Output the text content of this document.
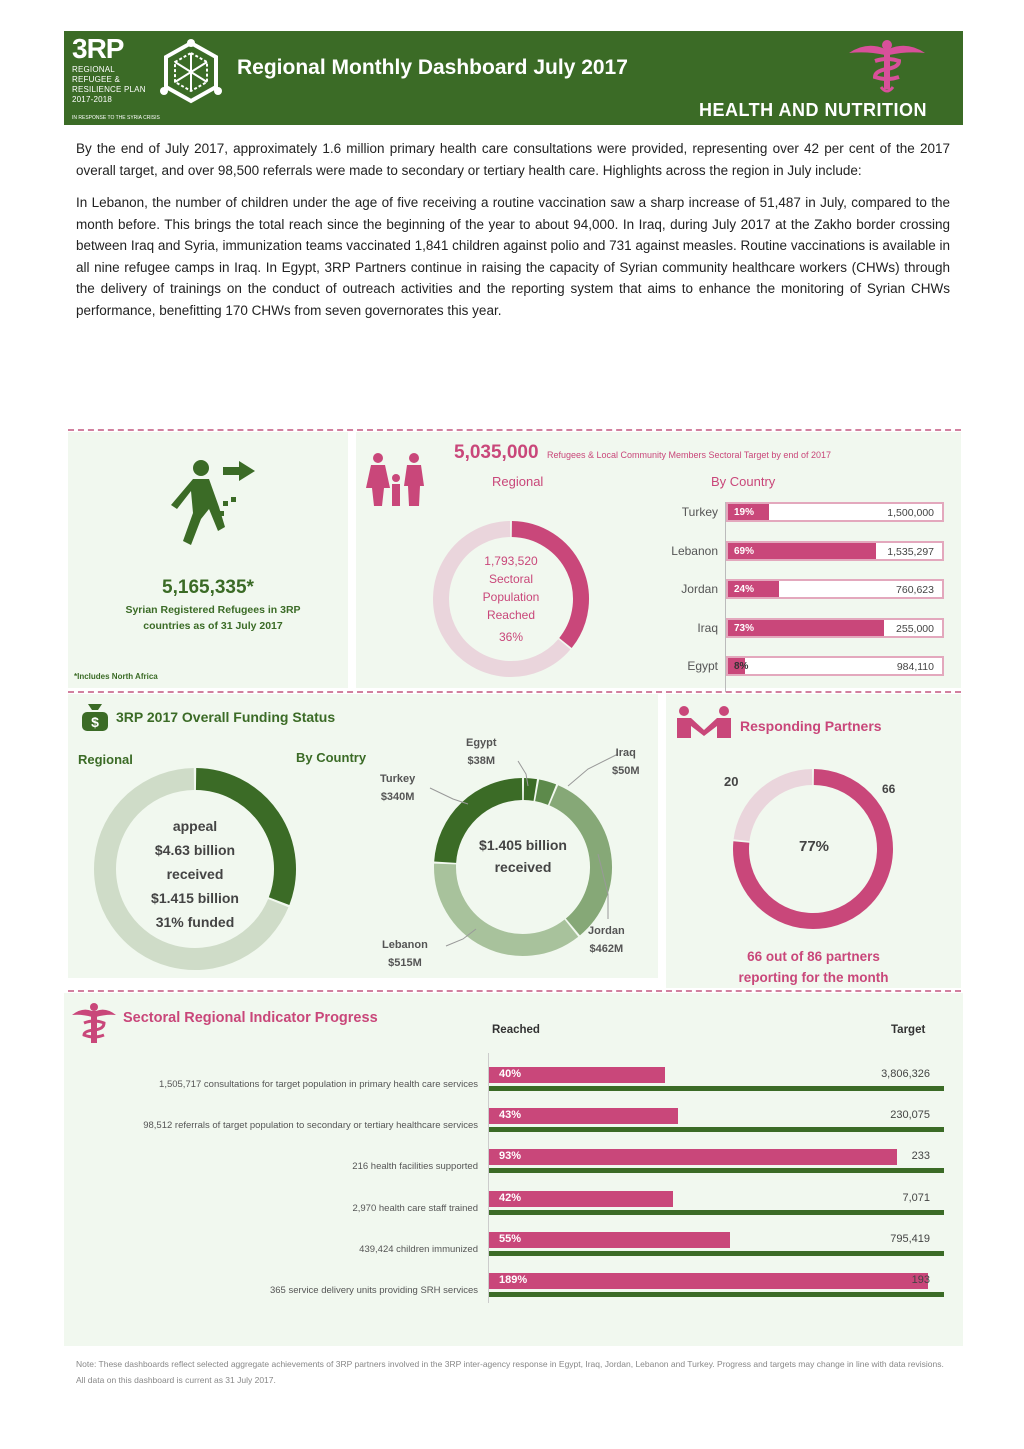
3RP
REGIONAL REFUGEE & RESILIENCE PLAN 2017-2018
IN RESPONSE TO THE SYRIA CRISIS
Regional Monthly Dashboard July 2017
HEALTH AND NUTRITION

By the end of July 2017, approximately 1.6 million primary health care consultations were provided, representing over 42 per cent of the 2017 overall target, and over 98,500 referrals were made to secondary or tertiary health care. Highlights across the region in July include:

In Lebanon, the number of children under the age of five receiving a routine vaccination saw a sharp increase of 51,487 in July, compared to the month before. This brings the total reach since the beginning of the year to about 94,000. In Iraq, during July 2017 at the Zakho border crossing between Iraq and Syria, immunization teams vaccinated 1,841 children against polio and 731 against measles. Routine vaccinations is available in all nine refugee camps in Iraq. In Egypt, 3RP Partners continue in raising the capacity of Syrian community healthcare workers (CHWs) through the delivery of trainings on the conduct of outreach activities and the reporting system that aims to enhance the monitoring of Syrian CHWs performance, benefitting 170 CHWs from seven governorates this year.

5,165,335*
Syrian Registered Refugees in 3RP countries as of 31 July 2017
*Includes North Africa
5,035,000 Refugees & Local Community Members Sectoral Target by end of 2017
Regional	By Country
1,793,520
Sectoral
Population
Reached
36%
Turkey 19%	1,500,000
Lebanon 69%	1,535,297
Jordan 24%	760,623
Iraq 73%	255,000
Egypt 8%	984,110
$ 3RP 2017 Overall Funding Status
Regional	By Country
appeal
$4.63 billion
received
$1.415 billion
31% funded
$1.405 billion
received
Egypt
$38M
Iraq
$50M
Jordan
$462M
Lebanon
$515M
Turkey
$340M
Responding Partners
20	66
77%
66 out of 86 partners
reporting for the month
Sectoral Regional Indicator Progress
Reached	Target
1,505,717 consultations for target population in primary health care services
40%	3,806,326
98,512 referrals of target population to secondary or tertiary healthcare services
43%	230,075
216 health facilities supported
93%	233
2,970 health care staff trained
42%	7,071
439,424 children immunized
55%	795,419
365 service delivery units providing SRH services
189%	193
Note: These dashboards reflect selected aggregate achievements of 3RP partners involved in the 3RP inter-agency response in Egypt, Iraq, Jordan, Lebanon and Turkey. Progress and targets may change in line with data revisions. All data on this dashboard is current as 31 July 2017.
